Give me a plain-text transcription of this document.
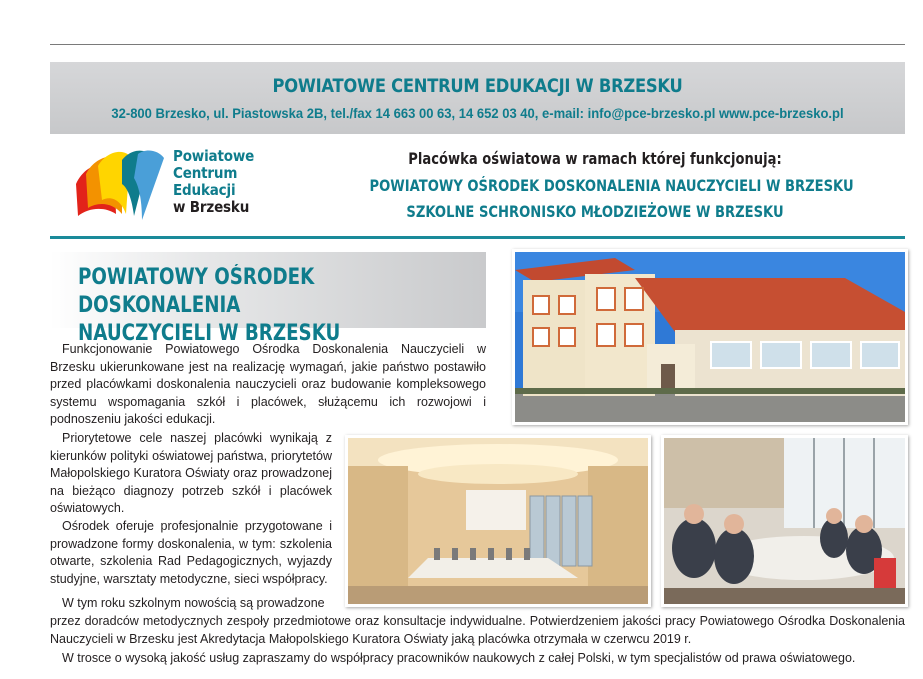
POWIATOWE CENTRUM EDUKACJI W BRZESKU
32-800 Brzesko, ul. Piastowska 2B, tel./fax 14 663 00 63, 14 652 03 40, e-mail: info@pce-brzesko.pl www.pce-brzesko.pl
Powiatowe
Centrum
Edukacji
w Brzesku
Placówka oświatowa w ramach której funkcjonują:
POWIATOWY OŚRODEK DOSKONALENIA NAUCZYCIELI W BRZESKU
SZKOLNE SCHRONISKO MŁODZIEŻOWE W BRZESKU
POWIATOWY OŚRODEK DOSKONALENIA
NAUCZYCIELI W BRZESKU

Funkcjonowanie Powiatowego Ośrodka Doskonalenia Nauczycieli w Brzesku ukierunkowane jest na realizację wymagań, jakie państwo postawiło przed placówkami doskonalenia nauczycieli oraz budowanie kompleksowego systemu wspomagania szkół i placówek, służącemu ich rozwojowi i podnoszeniu jakości edukacji.

Priorytetowe cele naszej placówki wynikają z kierunków polityki oświatowej państwa, priorytetów Małopolskiego Kuratora Oświaty oraz prowadzonej na bieżąco diagnozy potrzeb szkół i placówek oświatowych.

Ośrodek oferuje profesjonalnie przygotowane i prowadzone formy doskonalenia, w tym: szkolenia otwarte, szkolenia Rad Pedagogicznych, wyjazdy studyjne, warsztaty metodyczne, sieci współpracy.

W tym roku szkolnym nowością są prowadzone

przez doradców metodycznych zespoły przedmiotowe oraz konsultacje indywidualne. Potwierdzeniem jakości pracy Powiatowego Ośrodka Doskonalenia Nauczycieli w Brzesku jest Akredytacja Małopolskiego Kuratora Oświaty jaką placówka otrzymała w czerwcu 2019 r.

W trosce o wysoką jakość usług zapraszamy do współpracy pracowników naukowych z całej Polski, w tym specjalistów od prawa oświatowego.
